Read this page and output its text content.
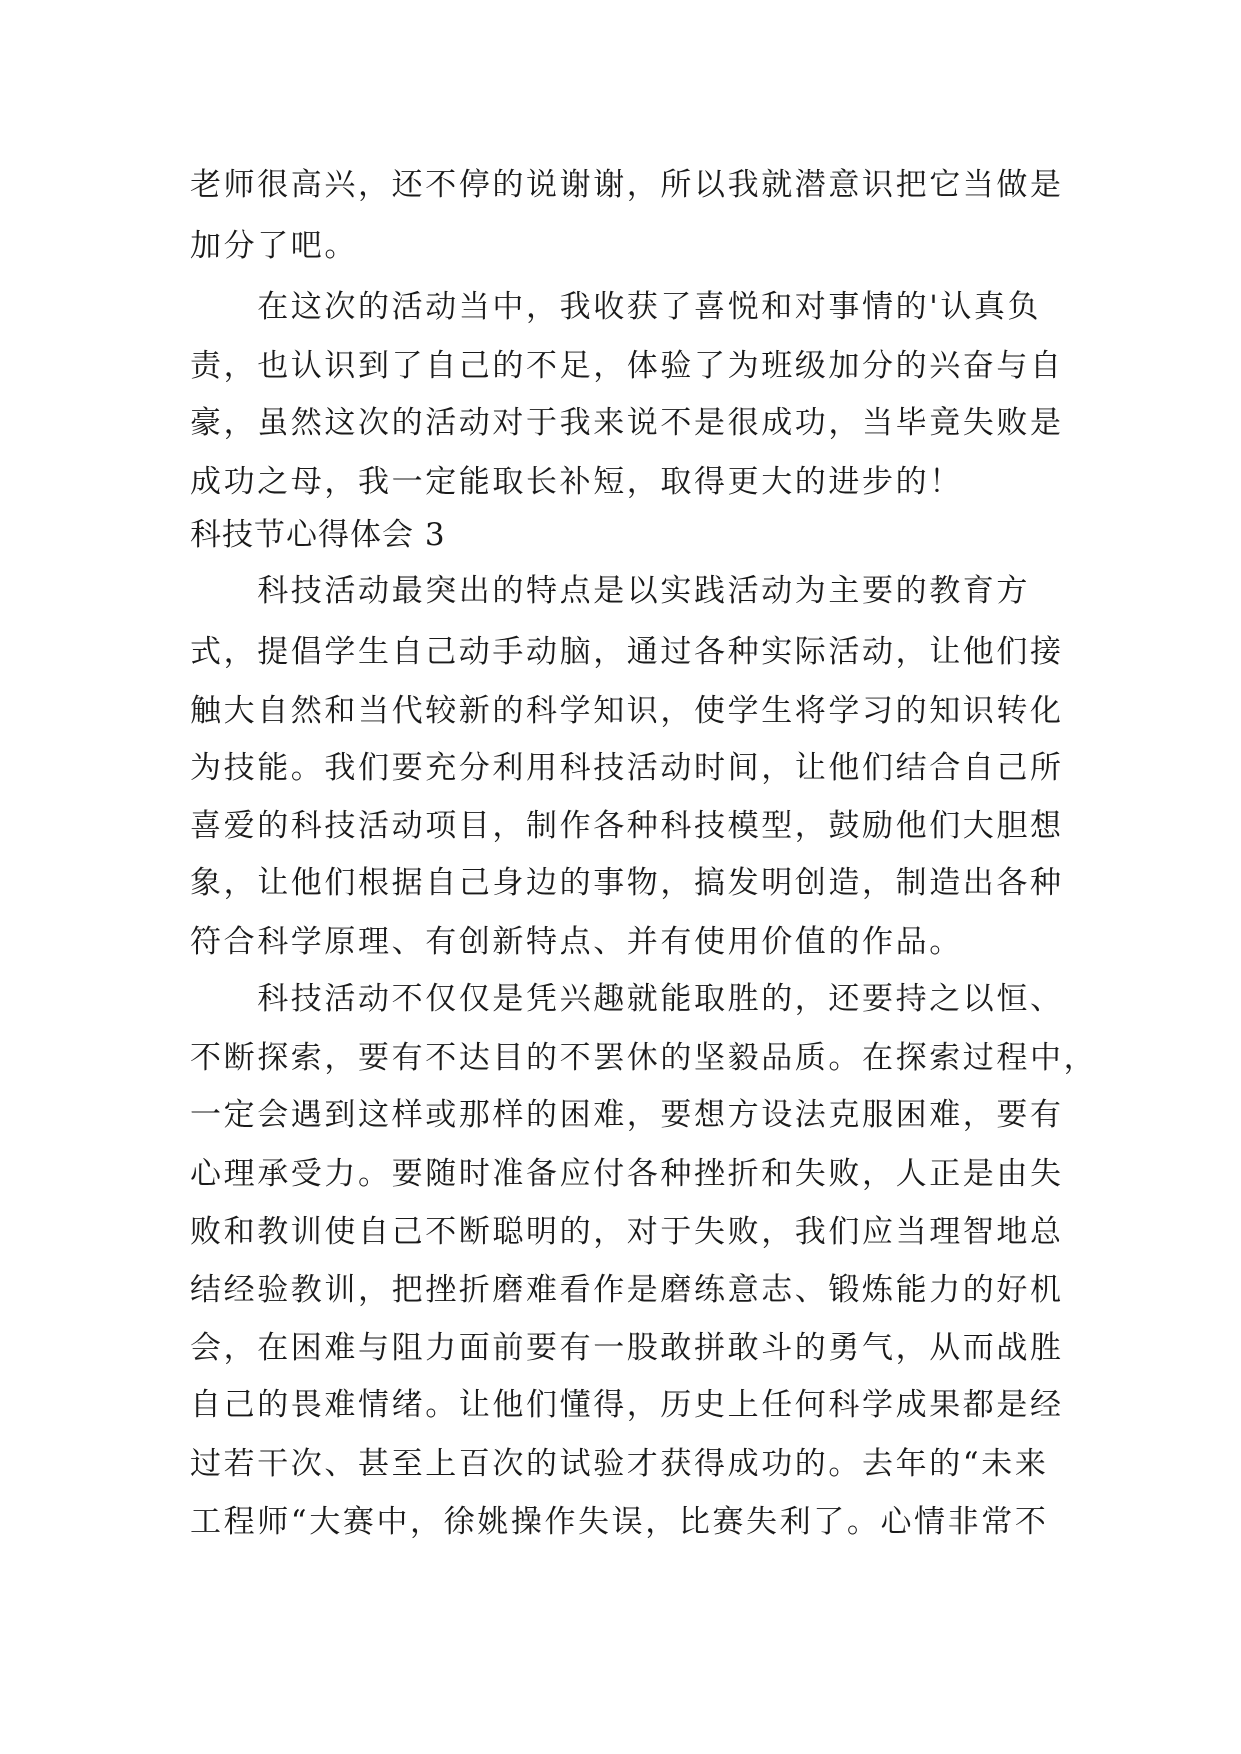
老师很高兴，还不停的说谢谢，所以我就潜意识把它当做是
加分了吧。
　　在这次的活动当中，我收获了喜悦和对事情的'认真负
责，也认识到了自己的不足，体验了为班级加分的兴奋与自
豪，虽然这次的活动对于我来说不是很成功，当毕竟失败是
成功之母，我一定能取长补短，取得更大的进步的！
科技节心得体会 3
　　科技活动最突出的特点是以实践活动为主要的教育方
式，提倡学生自己动手动脑，通过各种实际活动，让他们接
触大自然和当代较新的科学知识，使学生将学习的知识转化
为技能。我们要充分利用科技活动时间，让他们结合自己所
喜爱的科技活动项目，制作各种科技模型，鼓励他们大胆想
象，让他们根据自己身边的事物，搞发明创造，制造出各种
符合科学原理、有创新特点、并有使用价值的作品。
　　科技活动不仅仅是凭兴趣就能取胜的，还要持之以恒、
不断探索，要有不达目的不罢休的坚毅品质。在探索过程中，
一定会遇到这样或那样的困难，要想方设法克服困难，要有
心理承受力。要随时准备应付各种挫折和失败，人正是由失
败和教训使自己不断聪明的，对于失败，我们应当理智地总
结经验教训，把挫折磨难看作是磨练意志、锻炼能力的好机
会，在困难与阻力面前要有一股敢拼敢斗的勇气，从而战胜
自己的畏难情绪。让他们懂得，历史上任何科学成果都是经
过若干次、甚至上百次的试验才获得成功的。去年的“未来
工程师“大赛中，徐姚操作失误，比赛失利了。心情非常不
